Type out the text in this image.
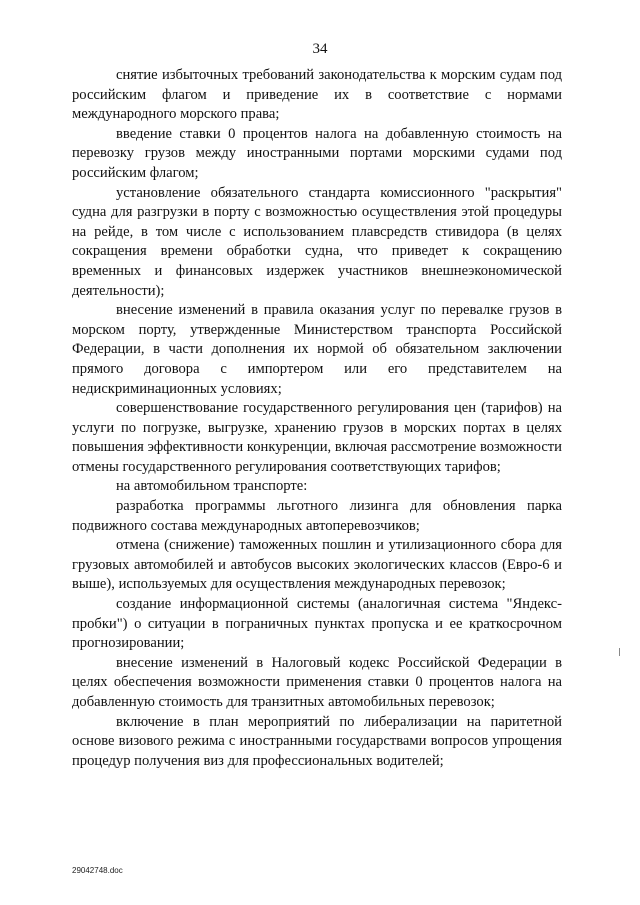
34

снятие избыточных требований законодательства к морским судам под российским флагом и приведение их в соответствие с нормами международного морского права;

введение ставки 0 процентов налога на добавленную стоимость на перевозку грузов между иностранными портами морскими судами под российским флагом;

установление обязательного стандарта комиссионного "раскрытия" судна для разгрузки в порту с возможностью осуществления этой процедуры на рейде, в том числе с использованием плавсредств стивидора (в целях сокращения времени обработки судна, что приведет к сокращению временных и финансовых издержек участников внешнеэкономической деятельности);

внесение изменений в правила оказания услуг по перевалке грузов в морском порту, утвержденные Министерством транспорта Российской Федерации, в части дополнения их нормой об обязательном заключении прямого договора с импортером или его представителем на недискриминационных условиях;

совершенствование государственного регулирования цен (тарифов) на услуги по погрузке, выгрузке, хранению грузов в морских портах в целях повышения эффективности конкуренции, включая рассмотрение возможности отмены государственного регулирования соответствующих тарифов;

на автомобильном транспорте:

разработка программы льготного лизинга для обновления парка подвижного состава международных автоперевозчиков;

отмена (снижение) таможенных пошлин и утилизационного сбора для грузовых автомобилей и автобусов высоких экологических классов (Евро-6 и выше), используемых для осуществления международных перевозок;

создание информационной системы (аналогичная система "Яндекс-пробки") о ситуации в пограничных пунктах пропуска и ее краткосрочном прогнозировании;

внесение изменений в Налоговый кодекс Российской Федерации в целях обеспечения возможности применения ставки 0 процентов налога на добавленную стоимость для транзитных автомобильных перевозок;

включение в план мероприятий по либерализации на паритетной основе визового режима с иностранными государствами вопросов упрощения процедур получения виз для профессиональных водителей;

29042748.doc
